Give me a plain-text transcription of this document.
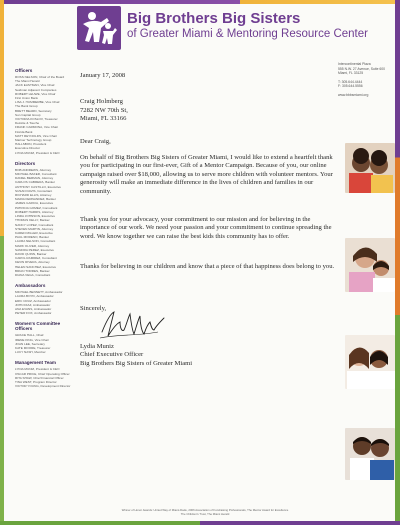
Big Brothers Big Sisters
of Greater Miami & Mentoring Resource Center
Intercontinental Plaza
555 N.W. 27 Avenue, Suite 600
Miami, FL 33125
T: 305.644.4444
F: 305.644.5556
www.bbbsmiami.org
Officers
ROSS NELSON, Chair of the Board
The Miami Herald
JACK EASTMAN, Vice Chair
Seidman Adjacent Companies
ROBERT LEUWE, Vice Chair
First Union Bank
LISA J. HUMMERBE, Vice Chair
The Bank Group
BRETT BEARD, Secretary
Sun Capital Group
VICTORIA KOSLOV, Treasurer
Deloitte & Touche
FRANK CARMONA, Vice Chair
Florida Bank
MATT REYNOLDS, Vice Chair
Mariner Technology Group
HALLSBON, President
Executive Director
LYDIA MUNIZ, President & CEO
Directors
BOB ANDREWS, Attorney
MICHAEL BAKER, Consultant
DANIEL BERMAN, Attorney
CARLOS CABRERA, Banker
ANTHONY CASTILLO, Executive
SUSAN DAVIS, Consultant
RICHARD ELLIS, Attorney
MARIA FERNANDEZ, Banker
JAMES GARCIA, Executive
PATRICIA GOMEZ, Consultant
ROBERT HARRIS, Attorney
LINDA JOHNSON, Executive
THOMAS KELLY, Banker
NANCY LOPEZ, Consultant
STEVEN MARTIN, Attorney
KAREN MILLER, Executive
PAUL MORENO, Banker
LAURA NELSON, Consultant
MARK OLIVER, Attorney
SANDRA PEREZ, Executive
DAVID QUINN, Banker
CAROL RAMIREZ, Consultant
KEVIN RIVERA, Attorney
HELEN SANCHEZ, Executive
BRIAN TORRES, Banker
DIANA VEGA, Consultant
Ambassadors
MICHAEL BENNETT, Ambassador
LAURA BOYD, Ambassador
ERIC CRUZ, Ambassador
JOHN DIAZ, Ambassador
ANA EVANS, Ambassador
PETER FOX, Ambassador
Women's Committee Officers
GRACE HALL, Chair
IRENE KING, Vice Chair
JOAN LEE, Secretary
KATE MOORE, Treasurer
LUCY NASH, Member
Management Team
LYDIA MUNIZ, President & CEO
OSCAR PRICE, Chief Operating Officer
RITA SHAW, Chief Financial Officer
TINA WEST, Program Director
VICTOR YOUNG, Development Director
January 17, 2008
Craig Holmberg
7282 NW 70th St,
Miami, FL 33166
Dear Craig,
On behalf of Big Brothers Big Sisters of Greater Miami, I would like to extend a heartfelt thank you for participating in our first-ever, Gift of a Mentor Campaign. Because of you, our online campaign raised over $18,000, allowing us to serve more children with volunteer mentors. Your generosity will make an immediate difference in the lives of children and families in our community.
Thank you for your advocacy, your commitment to our mission and for believing in the importance of our work. We need your passion and your commitment to continue spreading the word. We know together we can raise the best kids this community has to offer.
Thanks for believing in our children and know that a piece of that happiness does belong to you.
Sincerely,
Lydia Muniz
Chief Executive Officer
Big Brothers Big Sisters of Greater Miami
Winner of Honor Awards: United Way of Miami-Dade, 2006 Association of Fundraising Professionals, The Mentor Award for Excellence
The Children's Trust, The Miami Herald
